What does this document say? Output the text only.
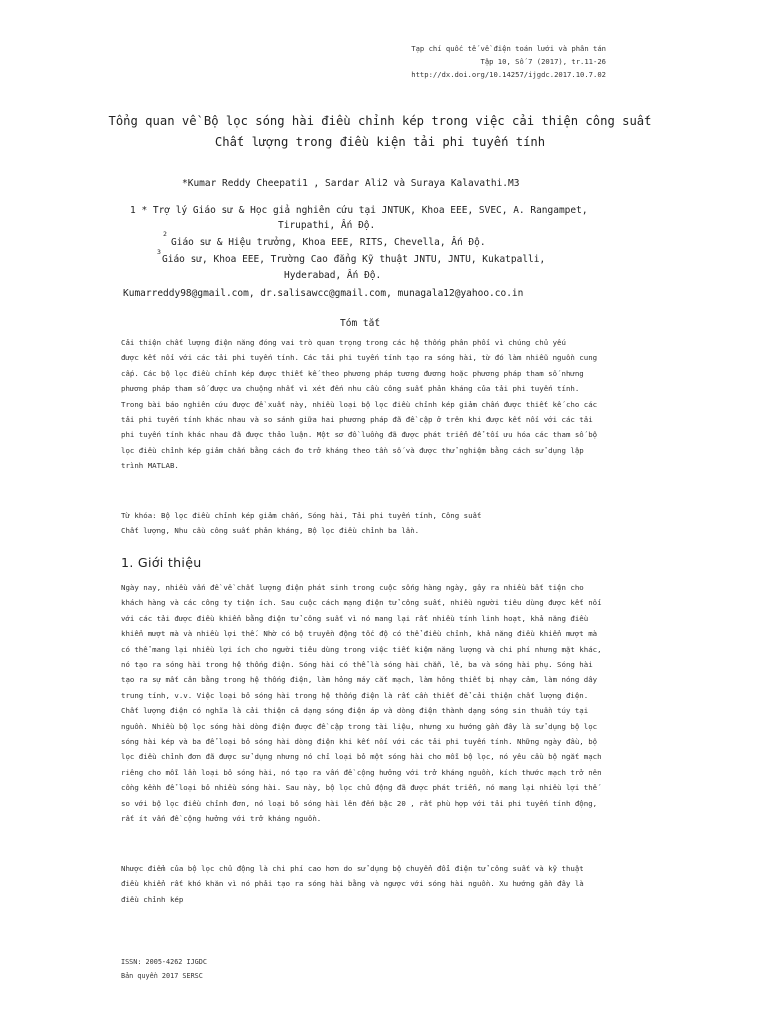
Tạp chí quốc tế về điện toán lưới và phân tán
Tập 10, Số 7 (2017), tr.11-26
http://dx.doi.org/10.14257/ijgdc.2017.10.7.02
Tổng quan về Bộ lọc sóng hài điều chỉnh kép trong việc cải thiện công suất
Chất lượng trong điều kiện tải phi tuyến tính
*Kumar Reddy Cheepati1 , Sardar Ali2 và Suraya Kalavathi.M3
1 * Trợ lý Giáo sư & Học giả nghiên cứu tại JNTUK, Khoa EEE, SVEC, A. Rangampet,
Tirupathi, Ấn Độ.
2
Giáo sư & Hiệu trưởng, Khoa EEE, RITS, Chevella, Ấn Độ.
3
Giáo sư, Khoa EEE, Trường Cao đẳng Kỹ thuật JNTU, JNTU, Kukatpalli,
Hyderabad, Ấn Độ.
Kumarreddy98@gmail.com, dr.salisawcc@gmail.com, munagala12@yahoo.co.in
Tóm tắt
Cải thiện chất lượng điện năng đóng vai trò quan trọng trong các hệ thống phân phối vì chúng chủ yếu
được kết nối với các tải phi tuyến tính. Các tải phi tuyến tính tạo ra sóng hài, từ đó làm nhiễu nguồn cung
cấp. Các bộ lọc điều chỉnh kép được thiết kế theo phương pháp tương đương hoặc phương pháp tham số nhưng
phương pháp tham số được ưa chuộng nhất vì xét đến nhu cầu công suất phản kháng của tải phi tuyến tính.
Trong bài báo nghiên cứu được đề xuất này, nhiều loại bộ lọc điều chỉnh kép giảm chấn được thiết kế cho các
tải phi tuyến tính khác nhau và so sánh giữa hai phương pháp đã đề cập ở trên khi được kết nối với các tải
phi tuyến tính khác nhau đã được thảo luận. Một sơ đồ luồng đã được phát triển để tối ưu hóa các tham số bộ
lọc điều chỉnh kép giảm chấn bằng cách đo trở kháng theo tần số và được thử nghiệm bằng cách sử dụng lập
trình MATLAB.
Từ khóa: Bộ lọc điều chỉnh kép giảm chấn, Sóng hài, Tải phi tuyến tính, Công suất
Chất lượng, Nhu cầu công suất phản kháng, Bộ lọc điều chỉnh ba lần.
1. Giới thiệu
Ngày nay, nhiều vấn đề về chất lượng điện phát sinh trong cuộc sống hàng ngày, gây ra nhiều bất tiện cho
khách hàng và các công ty tiện ích. Sau cuộc cách mạng điện tử công suất, nhiều người tiêu dùng được kết nối
với các tải được điều khiển bằng điện tử công suất vì nó mang lại rất nhiều tính linh hoạt, khả năng điều
khiển mượt mà và nhiều lợi thế. Nhờ có bộ truyền động tốc độ có thể điều chỉnh, khả năng điều khiển mượt mà
có thể mang lại nhiều lợi ích cho người tiêu dùng trong việc tiết kiệm năng lượng và chi phí nhưng mặt khác,
nó tạo ra sóng hài trong hệ thống điện. Sóng hài có thể là sóng hài chẵn, lẻ, ba và sóng hài phụ. Sóng hài
tạo ra sự mất cân bằng trong hệ thống điện, làm hỏng máy cắt mạch, làm hỏng thiết bị nhạy cảm, làm nóng dây
trung tính, v.v. Việc loại bỏ sóng hài trong hệ thống điện là rất cần thiết để cải thiện chất lượng điện.
Chất lượng điện có nghĩa là cải thiện cả dạng sóng điện áp và dòng điện thành dạng sóng sin thuần túy tại
nguồn. Nhiều bộ lọc sóng hài dòng điện được đề cập trong tài liệu, nhưng xu hướng gần đây là sử dụng bộ lọc
sóng hài kép và ba để loại bỏ sóng hài dòng điện khi kết nối với các tải phi tuyến tính. Những ngày đầu, bộ
lọc điều chỉnh đơn đã được sử dụng nhưng nó chỉ loại bỏ một sóng hài cho mỗi bộ lọc, nó yêu cầu bộ ngắt mạch
riêng cho mỗi lần loại bỏ sóng hài, nó tạo ra vấn đề cộng hưởng với trở kháng nguồn, kích thước mạch trở nên
cồng kềnh để loại bỏ nhiều sóng hài. Sau này, bộ lọc chủ động đã được phát triển, nó mang lại nhiều lợi thế
so với bộ lọc điều chỉnh đơn, nó loại bỏ sóng hài lên đến bậc 20 , rất phù hợp với tải phi tuyến tính động,
rất ít vấn đề cộng hưởng với trở kháng nguồn.
Nhược điểm của bộ lọc chủ động là chi phí cao hơn do sử dụng bộ chuyển đổi điện tử công suất và kỹ thuật
điều khiển rất khó khăn vì nó phải tạo ra sóng hài bằng và ngược với sóng hài nguồn. Xu hướng gần đây là
điều chỉnh kép
ISSN: 2005-4262 IJGDC
Bản quyền 2017 SERSC
